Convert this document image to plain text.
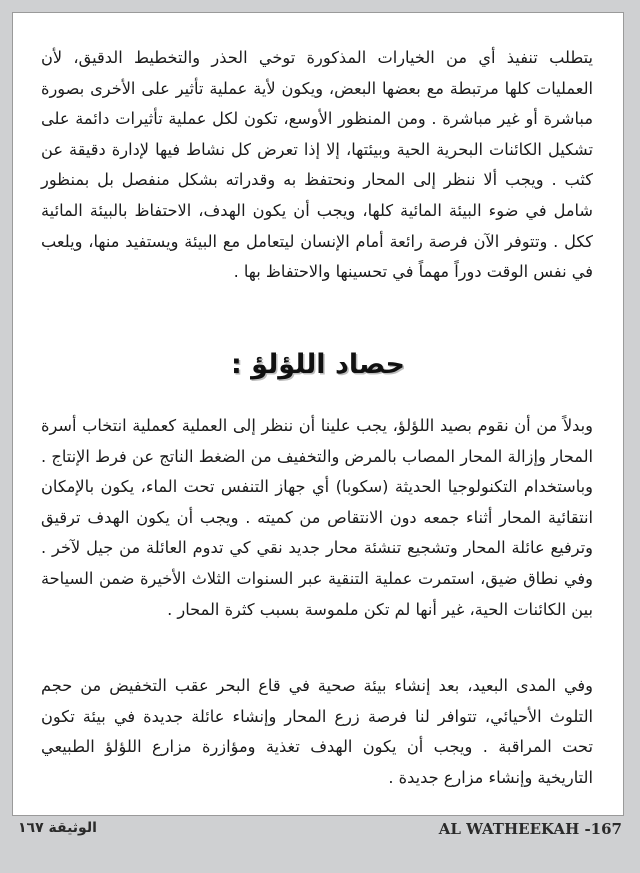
يتطلب تنفيذ أي من الخيارات المذكورة توخي الحذر والتخطيط الدقيق، لأن العمليات كلها مرتبطة مع بعضها البعض، ويكون لأية عملية تأثير على الأخرى بصورة مباشرة أو غير مباشرة . ومن المنظور الأوسع، تكون لكل عملية تأثيرات دائمة على تشكيل الكائنات البحرية الحية وبيئتها، إلا إذا تعرض كل نشاط فيها لإدارة دقيقة عن كثب . ويجب ألا ننظر إلى المحار ونحتفظ به وقدراته بشكل منفصل بل بمنظور شامل في ضوء البيئة المائية كلها، ويجب أن يكون الهدف، الاحتفاظ بالبيئة المائية ككل . وتتوفر الآن فرصة رائعة أمام الإنسان ليتعامل مع البيئة ويستفيد منها، ويلعب في نفس الوقت دوراً مهماً في تحسينها والاحتفاظ بها .

حصاد اللؤلؤ :

وبدلاً من أن نقوم بصيد اللؤلؤ، يجب علينا أن ننظر إلى العملية كعملية انتخاب أسرة المحار وإزالة المحار المصاب بالمرض والتخفيف من الضغط الناتج عن فرط الإنتاج . وباستخدام التكنولوجيا الحديثة (سكوبا) أي جهاز التنفس تحت الماء، يكون بالإمكان انتقائية المحار أثناء جمعه دون الانتقاص من كميته . ويجب أن يكون الهدف ترقيق وترفيع عائلة المحار وتشجيع تنشئة محار جديد نقي كي تدوم العائلة من جيل لآخر . وفي نطاق ضيق، استمرت عملية التنقية عبر السنوات الثلاث الأخيرة ضمن السياحة بين الكائنات الحية، غير أنها لم تكن ملموسة بسبب كثرة المحار .

وفي المدى البعيد، بعد إنشاء بيئة صحية في قاع البحر عقب التخفيض من حجم التلوث الأحيائي، تتوافر لنا فرصة زرع المحار وإنشاء عائلة جديدة في بيئة تكون تحت المراقبة . ويجب أن يكون الهدف تغذية ومؤازرة مزارع اللؤلؤ الطبيعي التاريخية وإنشاء مزارع جديدة .

الوثيقة ١٦٧	AL WATHEEKAH -167
